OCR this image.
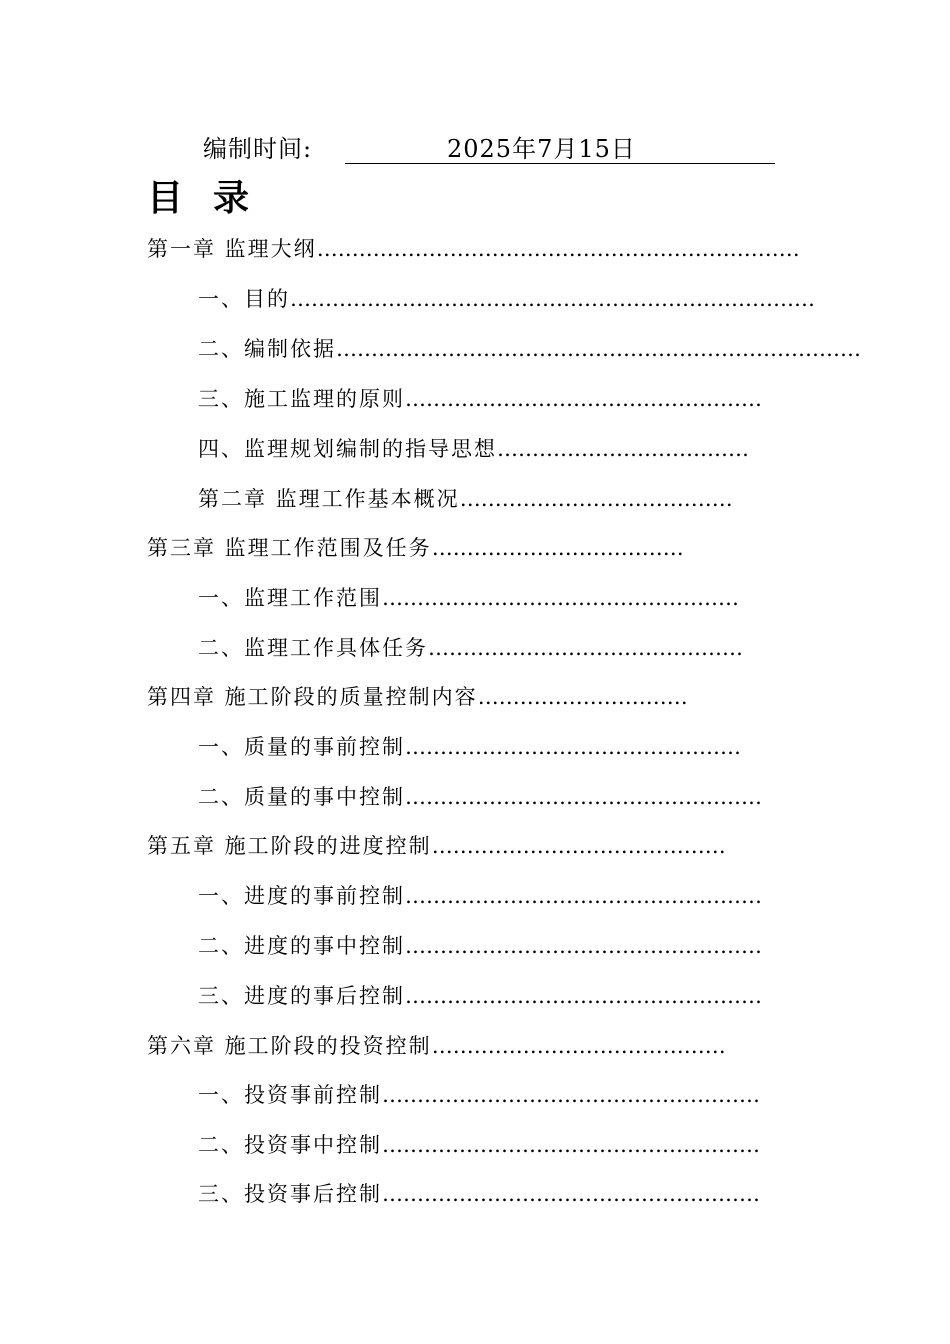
编制时间:	2025年7月15日
目录
第一章 监理大纲……………………………………………………………
一、目的…………………………………………………………………
二、编制依据…………………………………………………………………
三、施工监理的原则……………………………………………
四、监理规划编制的指导思想………………………………
第二章 监理工作基本概况…………………………………
第三章 监理工作范围及任务………………………………
一、监理工作范围……………………………………………
二、监理工作具体任务………………………………………
第四章 施工阶段的质量控制内容…………………………
一、质量的事前控制…………………………………………
二、质量的事中控制……………………………………………
第五章 施工阶段的进度控制……………………………………
一、进度的事前控制……………………………………………
二、进度的事中控制……………………………………………
三、进度的事后控制……………………………………………
第六章 施工阶段的投资控制……………………………………
一、投资事前控制………………………………………………
二、投资事中控制………………………………………………
三、投资事后控制………………………………………………
